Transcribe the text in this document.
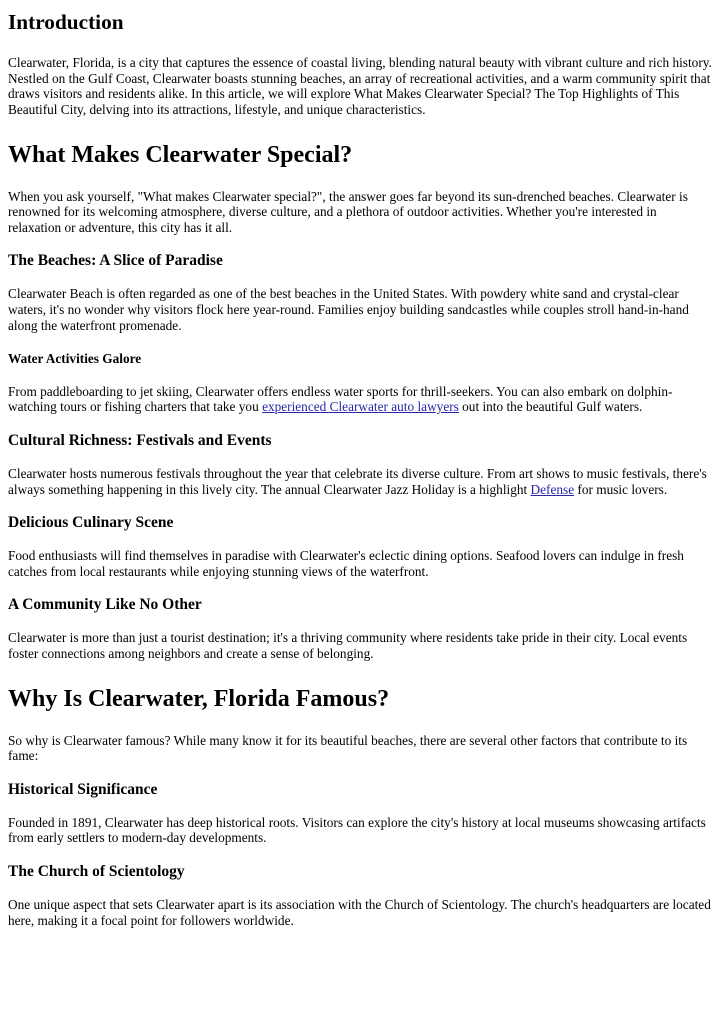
Introduction

Clearwater, Florida, is a city that captures the essence of coastal living, blending natural beauty with vibrant culture and rich history. Nestled on the Gulf Coast, Clearwater boasts stunning beaches, an array of recreational activities, and a warm community spirit that draws visitors and residents alike. In this article, we will explore What Makes Clearwater Special? The Top Highlights of This Beautiful City, delving into its attractions, lifestyle, and unique characteristics.

What Makes Clearwater Special?

When you ask yourself, "What makes Clearwater special?", the answer goes far beyond its sun-drenched beaches. Clearwater is renowned for its welcoming atmosphere, diverse culture, and a plethora of outdoor activities. Whether you're interested in relaxation or adventure, this city has it all.

The Beaches: A Slice of Paradise

Clearwater Beach is often regarded as one of the best beaches in the United States. With powdery white sand and crystal-clear waters, it's no wonder why visitors flock here year-round. Families enjoy building sandcastles while couples stroll hand-in-hand along the waterfront promenade.

Water Activities Galore

From paddleboarding to jet skiing, Clearwater offers endless water sports for thrill-seekers. You can also embark on dolphin-watching tours or fishing charters that take you experienced Clearwater auto lawyers out into the beautiful Gulf waters.

Cultural Richness: Festivals and Events

Clearwater hosts numerous festivals throughout the year that celebrate its diverse culture. From art shows to music festivals, there's always something happening in this lively city. The annual Clearwater Jazz Holiday is a highlight Defense for music lovers.

Delicious Culinary Scene

Food enthusiasts will find themselves in paradise with Clearwater's eclectic dining options. Seafood lovers can indulge in fresh catches from local restaurants while enjoying stunning views of the waterfront.

A Community Like No Other

Clearwater is more than just a tourist destination; it's a thriving community where residents take pride in their city. Local events foster connections among neighbors and create a sense of belonging.

Why Is Clearwater, Florida Famous?

So why is Clearwater famous? While many know it for its beautiful beaches, there are several other factors that contribute to its fame:

Historical Significance

Founded in 1891, Clearwater has deep historical roots. Visitors can explore the city's history at local museums showcasing artifacts from early settlers to modern-day developments.

The Church of Scientology

One unique aspect that sets Clearwater apart is its association with the Church of Scientology. The church's headquarters are located here, making it a focal point for followers worldwide.
